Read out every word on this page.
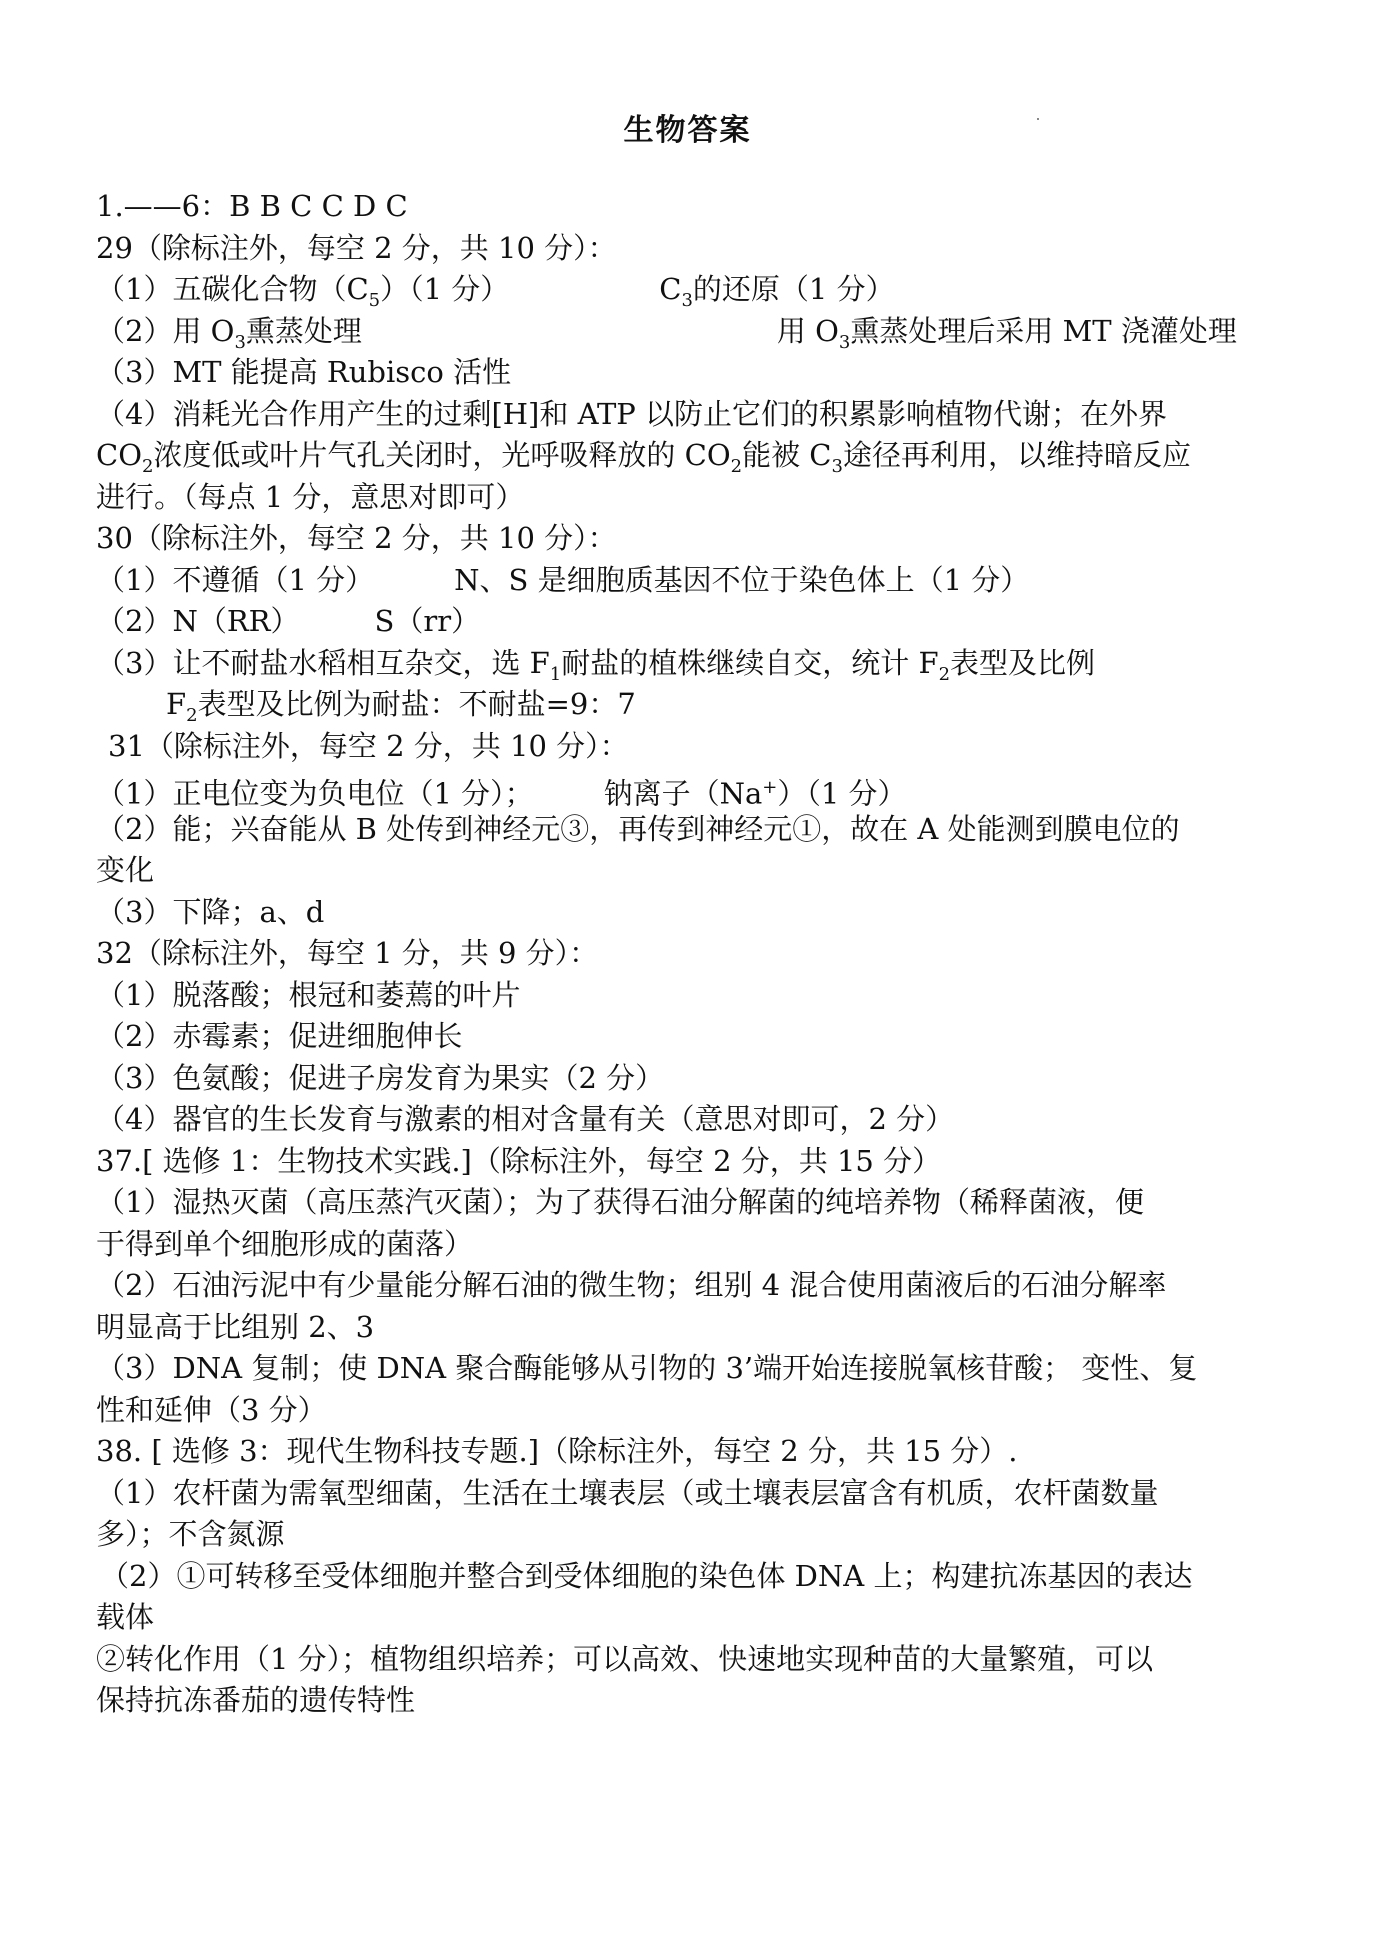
生物答案
1.——6：B B C C D C
29（除标注外，每空 2 分，共 10 分）：
（1）五碳化合物$(C_5)(1$ 分）	$C_3$的还原（1 分）
（2）用 $O_3$熏蒸处理	用 $O_3$熏蒸处理后采用 MT 浇灌处理
（3）MT 能提高 Rubisco 活性
（4）消耗光合作用产生的过剩[H]和 ATP 以防止它们的积累影响植物代谢；在外界
$CO_2$浓度低或叶片气孔关闭时，光呼吸释放的 $CO_2$能被 $C_3$途径再利用，以维持暗反应
进行。（每点 1 分，意思对即可）
30（除标注外，每空 2 分，共 10 分）：
（1）不遵循（1 分）	N、S 是细胞质基因不位于染色体上（1 分）
（2）N（RR）	S（rr）
（3）让不耐盐水稻相互杂交，选 $F_1$耐盐的植株继续自交，统计 $F_2$表型及比例
$F_2$表型及比例为耐盐：不耐盐=9：7
31（除标注外，每空 2 分，共 10 分）：
（1）正电位变为负电位（1 分）； 钠离子（Na+）（1 分）
（2）能；兴奋能从 B 处传到神经元③，再传到神经元①，故在 A 处能测到膜电位的
变化
（3）下降；a、d
32（除标注外，每空 1 分，共 9 分）：
（1）脱落酸；根冠和萎蔫的叶片
（2）赤霉素；促进细胞伸长
（3）色氨酸；促进子房发育为果实（2 分）
（4）器官的生长发育与激素的相对含量有关（意思对即可，2 分）
37.[ 选修 1：生物技术实践.]（除标注外，每空 2 分，共 15 分）
（1）湿热灭菌（高压蒸汽灭菌）；为了获得石油分解菌的纯培养物（稀释菌液，便
于得到单个细胞形成的菌落）
（2）石油污泥中有少量能分解石油的微生物；组别 4 混合使用菌液后的石油分解率
明显高于比组别 2、3
（3）DNA 复制；使 DNA 聚合酶能够从引物的 3’端开始连接脱氧核苷酸； 变性、复
性和延伸（3 分）
38. [ 选修 3：现代生物科技专题.]（除标注外，每空 2 分，共 15 分）.
（1）农杆菌为需氧型细菌，生活在土壤表层（或土壤表层富含有机质，农杆菌数量
多）；不含氮源
（2）①可转移至受体细胞并整合到受体细胞的染色体 DNA 上；构建抗冻基因的表达
载体
②转化作用（1 分）；植物组织培养；可以高效、快速地实现种苗的大量繁殖，可以
保持抗冻番茄的遗传特性
